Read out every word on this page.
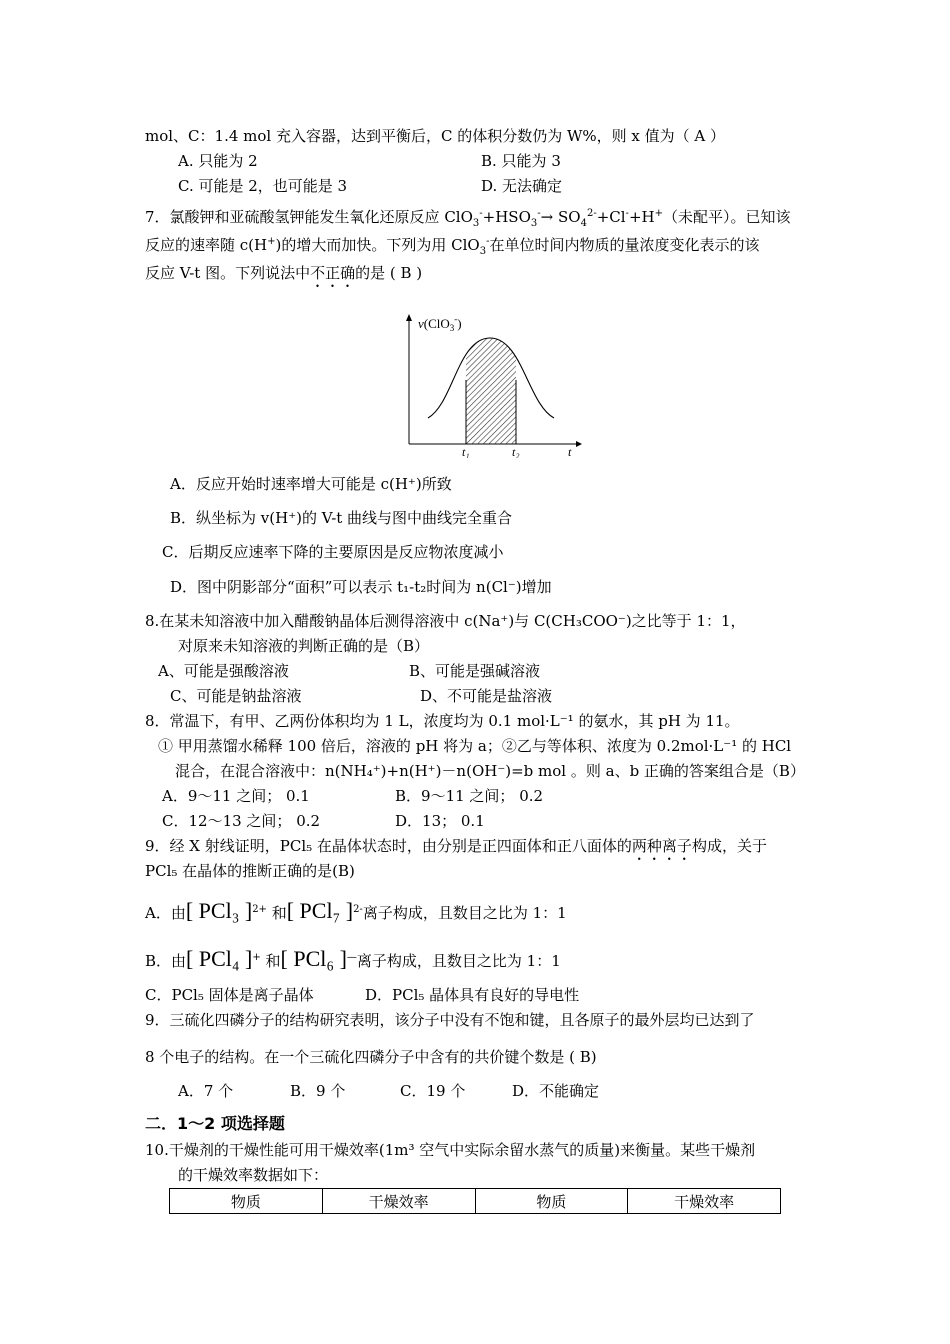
mol、C：1.4 mol 充入容器，达到平衡后，C 的体积分数仍为 W%，则 x 值为（ A ）
A. 只能为 2	B. 只能为 3
C. 可能是 2，也可能是 3	D. 无法确定
7．氯酸钾和亚硫酸氢钾能发生氧化还原反应 $ClO_3^-+HSO_3^-\to SO_4^{2-}+Cl^-+H^+$（未配平）。已知该
反应的速率随 c(H+)的增大而加快。下列为用 ClO$_3$-在单位时间内物质的量浓度变化表示的该
反应 V-t 图。下列说法中不正确的是 ( B )
v(ClO$_3$-)
t₁	t₂	t
A．反应开始时速率增大可能是 c(H⁺)所致
B．纵坐标为 v(H⁺)的 V-t 曲线与图中曲线完全重合
C．后期反应速率下降的主要原因是反应物浓度减小
D．图中阴影部分“面积”可以表示 t₁-t₂时间为 n(Cl⁻)增加
8.在某未知溶液中加入醋酸钠晶体后测得溶液中 c(Na⁺)与 C(CH₃COO⁻)之比等于 1：1，
对原来未知溶液的判断正确的是（B）
A、可能是强酸溶液	B、可能是强碱溶液
C、可能是钠盐溶液	D、不可能是盐溶液
8．常温下，有甲、乙两份体积均为 1 L，浓度均为 0.1 mol·L⁻¹ 的氨水，其 pH 为 11。
① 甲用蒸馏水稀释 100 倍后，溶液的 pH 将为 a；②乙与等体积、浓度为 0.2mol·L⁻¹ 的 HCl
混合，在混合溶液中：n(NH₄⁺)+n(H⁺)－n(OH⁻)=b mol 。则 a、b 正确的答案组合是（B）
A．9～11 之间； 0.1	B．9～11 之间； 0.2
C．12～13 之间； 0.2	D．13； 0.1
9．经 X 射线证明，PCl₅ 在晶体状态时，由分别是正四面体和正八面体的两种离子构成，关于
PCl₅ 在晶体的推断正确的是(B)
A．由[ PCl₃ ]$^{2+}$ 和[ PCl₇ ]$^{2-}$离子构成，且数目之比为 1：1
B．由[ PCl₄ ]+ 和[ PCl₆ ]—离子构成，且数目之比为 1：1
C．PCl₅ 固体是离子晶体	D．PCl₅ 晶体具有良好的导电性
9．三硫化四磷分子的结构研究表明，该分子中没有不饱和键，且各原子的最外层均已达到了
8 个电子的结构。在一个三硫化四磷分子中含有的共价键个数是 ( B)
A．7 个	B．9 个	C．19 个	D．不能确定
二．1～2 项选择题
10.干燥剂的干燥性能可用干燥效率(1m³ 空气中实际余留水蒸气的质量)来衡量。某些干燥剂
的干燥效率数据如下：
物质	干燥效率	物质	干燥效率
